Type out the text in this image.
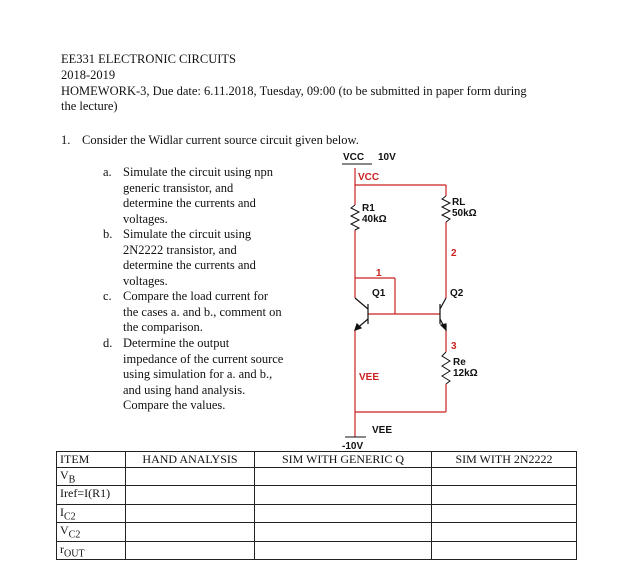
EE331 ELECTRONIC CIRCUITS
2018-2019
HOMEWORK-3, Due date: 6.11.2018, Tuesday, 09:00 (to be submitted in paper form during
the lecture)
1. Consider the Widlar current source circuit given below.
a. Simulate the circuit using npn
generic transistor, and
determine the currents and
voltages.
b. Simulate the circuit using
2N2222 transistor, and
determine the currents and
voltages.
c. Compare the load current for
the cases a. and b., comment on
the comparison.
d. Determine the output
impedance of the current source
using simulation for a. and b.,
and using hand analysis.
Compare the values.
VCC 10V
VCC
R1
40kΩ
RL
50kΩ
1
2
3
Q1	Q2
Re
12kΩ
VEE
VEE
-10V
ITEM	HAND ANALYSIS	SIM WITH GENERIC Q	SIM WITH 2N2222
$V_B$			
Iref=I(R1)			
$I_{C2}$			
$V_{C2}$			
$r_{OUT}$			
